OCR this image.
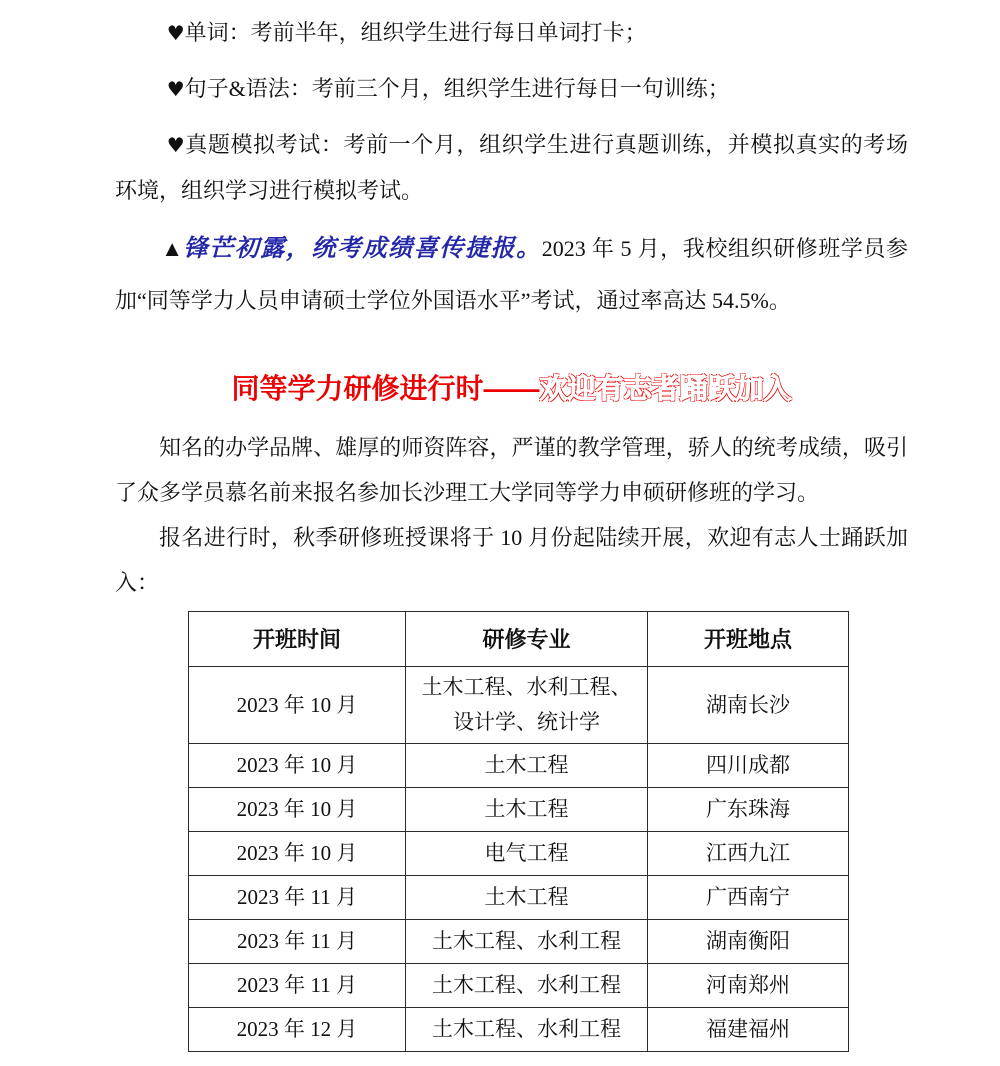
♥单词：考前半年，组织学生进行每日单词打卡；

♥句子&语法：考前三个月，组织学生进行每日一句训练；

♥真题模拟考试：考前一个月，组织学生进行真题训练，并模拟真实的考场环境，组织学习进行模拟考试。

▲锋芒初露，统考成绩喜传捷报。2023 年 5 月，我校组织研修班学员参加“同等学力人员申请硕士学位外国语水平”考试，通过率高达 54.5%。

同等学力研修进行时——欢迎有志者踊跃加入

知名的办学品牌、雄厚的师资阵容，严谨的教学管理，骄人的统考成绩，吸引了众多学员慕名前来报名参加长沙理工大学同等学力申硕研修班的学习。

报名进行时，秋季研修班授课将于 10 月份起陆续开展，欢迎有志人士踊跃加入：

开班时间	研修专业	开班地点
2023 年 10 月	土木工程、水利工程、设计学、统计学	湖南长沙
2023 年 10 月	土木工程	四川成都
2023 年 10 月	土木工程	广东珠海
2023 年 10 月	电气工程	江西九江
2023 年 11 月	土木工程	广西南宁
2023 年 11 月	土木工程、水利工程	湖南衡阳
2023 年 11 月	土木工程、水利工程	河南郑州
2023 年 12 月	土木工程、水利工程	福建福州
